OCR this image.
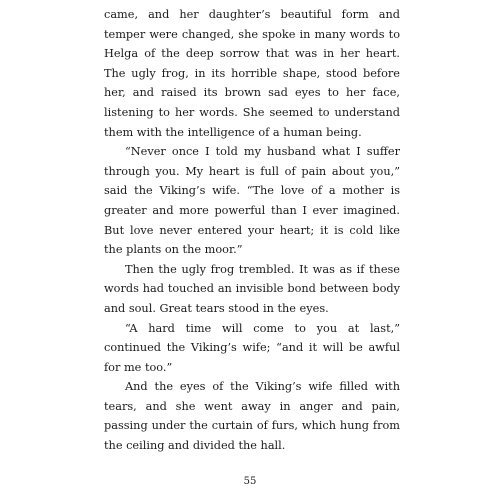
came, and her daughter’s beautiful form and temper were changed, she spoke in many words to Helga of the deep sorrow that was in her heart. The ugly frog, in its horrible shape, stood before her, and raised its brown sad eyes to her face, listening to her words. She seemed to understand them with the intelligence of a human being.

“Never once I told my husband what I suffer through you. My heart is full of pain about you,” said the Viking’s wife. “The love of a mother is greater and more powerful than I ever imagined. But love never entered your heart; it is cold like the plants on the moor.”

Then the ugly frog trembled. It was as if these words had touched an invisible bond between body and soul. Great tears stood in the eyes.

“A hard time will come to you at last,” continued the Viking’s wife; “and it will be awful for me too.”

And the eyes of the Viking’s wife filled with tears, and she went away in anger and pain, passing under the curtain of furs, which hung from the ceiling and divided the hall.

55
